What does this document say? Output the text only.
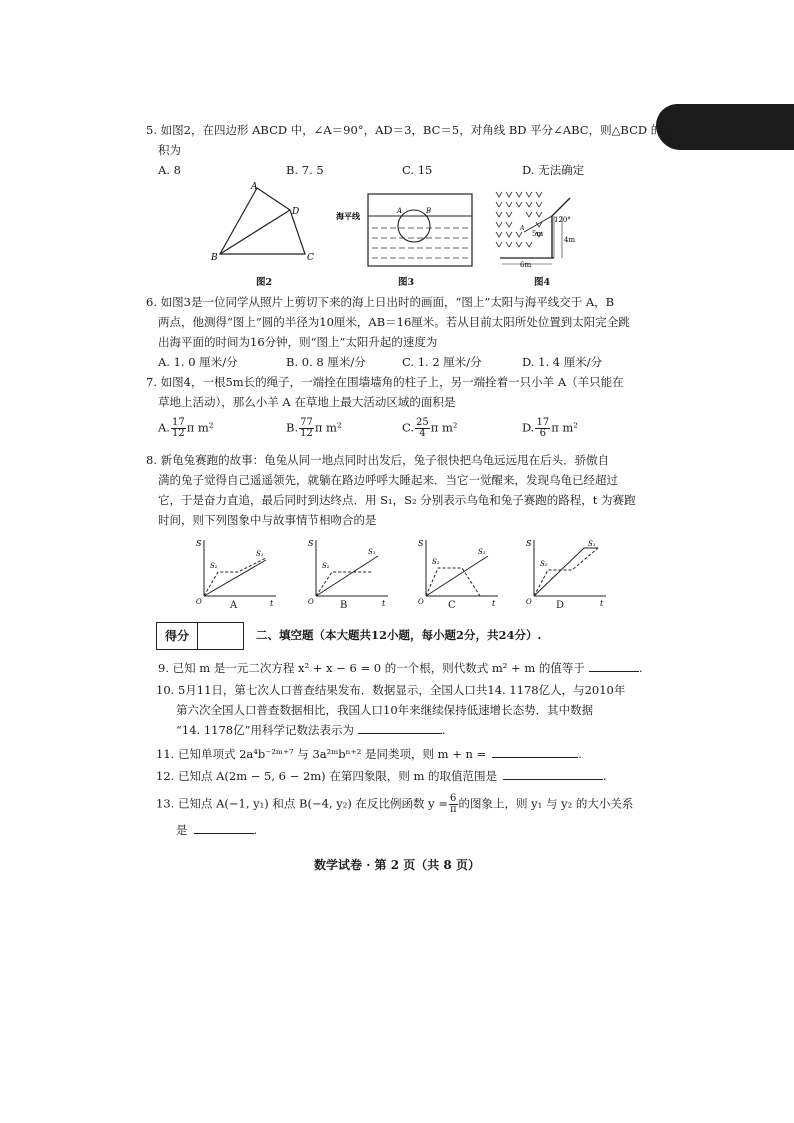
5. 如图2，在四边形 ABCD 中，∠A＝90°，AD＝3，BC＝5，对角线 BD 平分∠ABC，则△BCD 的面
积为
A. 8	B. 7. 5	C. 15	D. 无法确定
A
D
B	C
图2
海平线	A	B
图3
120°
5m
4m
6m
A
图4
6. 如图3是一位同学从照片上剪切下来的海上日出时的画面，“图上”太阳与海平线交于 A，B
两点，他测得“图上”圆的半径为10厘米，AB＝16厘米。若从目前太阳所处位置到太阳完全跳
出海平面的时间为16分钟，则“图上”太阳升起的速度为
A. 1. 0 厘米/分	B. 0. 8 厘米/分	C. 1. 2 厘米/分	D. 1. 4 厘米/分
7. 如图4，一根5m长的绳子，一端拴在围墙墙角的柱子上，另一端拴着一只小羊 A（羊只能在
草地上活动），那么小羊 A 在草地上最大活动区域的面积是
A. $\frac{17}{12}$ π m²	B. $\frac{77}{12}$ π m²	C. $\frac{25}{4}$ π m²	D. $\frac{17}{6}$ π m²
8. 新龟兔赛跑的故事：龟兔从同一地点同时出发后，兔子很快把乌龟远远甩在后头．骄傲自
满的兔子觉得自己遥遥领先，就躺在路边呼呼大睡起来．当它一觉醒来，发现乌龟已经超过
它，于是奋力直追，最后同时到达终点．用 S₁，S₂ 分别表示乌龟和兔子赛跑的路程，t 为赛跑
时间，则下列图象中与故事情节相吻合的是
S
t
O
S₁
S₂
S
t
O
S₁
S₂
S
t
O
S₁
S₂
S
t
O
S₁
S₂
A	B	C	D
得分	二、填空题（本大题共12小题，每小题2分，共24分）.
9. 已知 m 是一元二次方程 x² + x − 6 = 0 的一个根，则代数式 m² + m 的值等于	.
10. 5月11日，第七次人口普查结果发布．数据显示，全国人口共14. 1178亿人，与2010年
第六次全国人口普查数据相比，我国人口10年来继续保持低速增长态势．其中数据
“14. 1178亿”用科学记数法表示为	.
11. 已知单项式 2a⁴b⁻²ᵐ⁺⁷ 与 3a²ᵐbⁿ⁺² 是同类项，则 m + n =	.
12. 已知点 A(2m − 5, 6 − 2m) 在第四象限，则 m 的取值范围是	.
13. 已知点 A(−1, y₁) 和点 B(−4, y₂) 在反比例函数 $y = \frac{6}{\pi}$ 的图象上，则 y₁ 与 y₂ 的大小关系
是	.
数学试卷 · 第 2 页（共 8 页）
